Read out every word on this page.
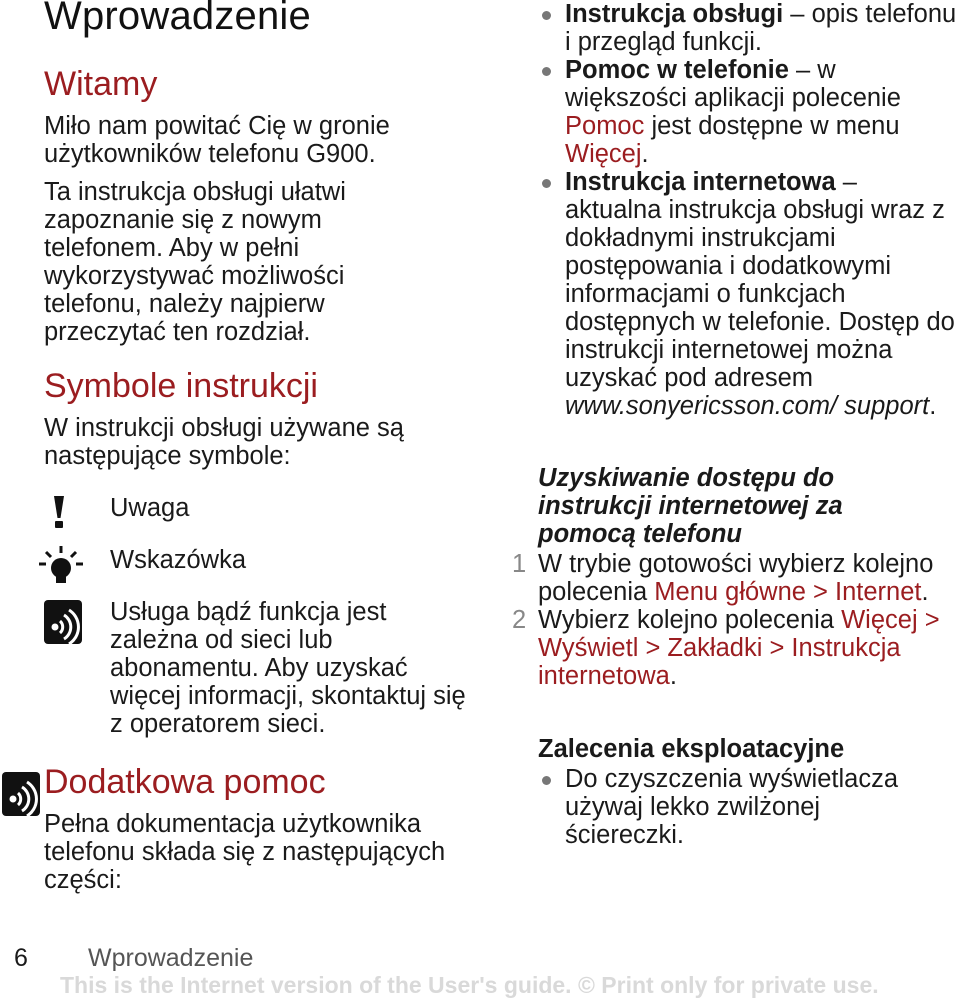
Wprowadzenie
Witamy

Miło nam powitać Cię w gronie użytkowników telefonu G900.

Ta instrukcja obsługi ułatwi zapoznanie się z nowym telefonem. Aby w pełni wykorzystywać możliwości telefonu, należy najpierw przeczytać ten rozdział.

Symbole instrukcji

W instrukcji obsługi używane są następujące symbole:

Uwaga
Wskazówka
Usługa bądź funkcja jest zależna od sieci lub abonamentu. Aby uzyskać więcej informacji, skontaktuj się z operatorem sieci.
Dodatkowa pomoc

Pełna dokumentacja użytkownika telefonu składa się z następujących części:

Instrukcja obsługi – opis telefonu i przegląd funkcji.
Pomoc w telefonie – w większości aplikacji polecenie Pomoc jest dostępne w menu Więcej.
Instrukcja internetowa – aktualna instrukcja obsługi wraz z dokładnymi instrukcjami postępowania i dodatkowymi informacjami o funkcjach dostępnych w telefonie. Dostęp do instrukcji internetowej można uzyskać pod adresem www.sonyericsson.com/ support.
Uzyskiwanie dostępu do instrukcji internetowej za pomocą telefonu
1 W trybie gotowości wybierz kolejno polecenia Menu główne > Internet.
2 Wybierz kolejno polecenia Więcej > Wyświetl > Zakładki > Instrukcja internetowa.
Zalecenia eksploatacyjne
Do czyszczenia wyświetlacza używaj lekko zwilżonej ściereczki.
6 Wprowadzenie
This is the Internet version of the User's guide. © Print only for private use.
